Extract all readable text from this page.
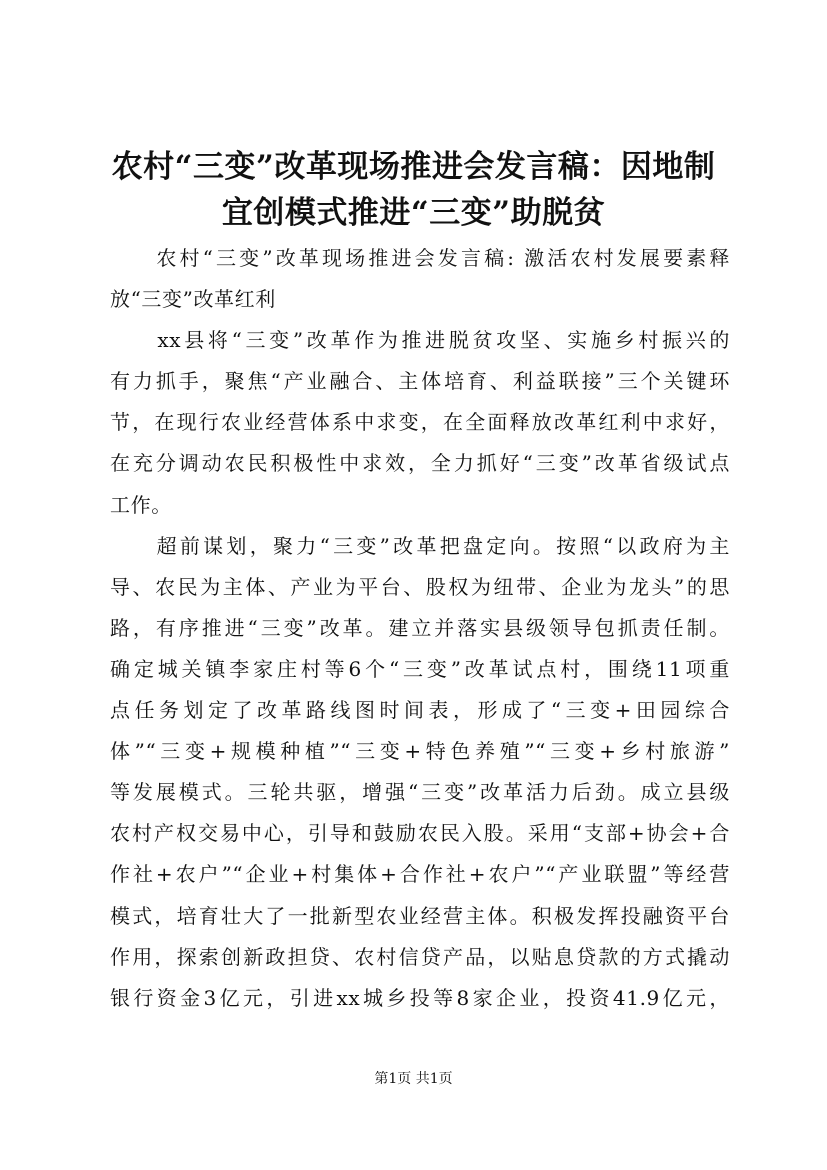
农村“三变”改革现场推进会发言稿：因地制
宜创模式推进“三变”助脱贫
　　农村“三变”改革现场推进会发言稿: 激活农村发展要素释
放“三变”改革红利
　　xx县将“三变”改革作为推进脱贫攻坚、实施乡村振兴的
有力抓手，聚焦“产业融合、主体培育、利益联接”三个关键环
节，在现行农业经营体系中求变，在全面释放改革红利中求好，
在充分调动农民积极性中求效，全力抓好“三变”改革省级试点
工作。
　　超前谋划，聚力“三变”改革把盘定向。按照“以政府为主
导、农民为主体、产业为平台、股权为纽带、企业为龙头”的思
路，有序推进“三变”改革。建立并落实县级领导包抓责任制。
确定城关镇李家庄村等6个“三变”改革试点村，围绕11项重
点任务划定了改革路线图时间表，形成了“三变+田园综合
体”“三变+规模种植”“三变+特色养殖”“三变+乡村旅游”
等发展模式。三轮共驱，增强“三变”改革活力后劲。成立县级
农村产权交易中心，引导和鼓励农民入股。采用“支部+协会+合
作社+农户”“企业+村集体+合作社+农户”“产业联盟”等经营
模式，培育壮大了一批新型农业经营主体。积极发挥投融资平台
作用，探索创新政担贷、农村信贷产品，以贴息贷款的方式撬动
银行资金3亿元，引进xx城乡投等8家企业，投资41.9亿元，
第1页 共1页
